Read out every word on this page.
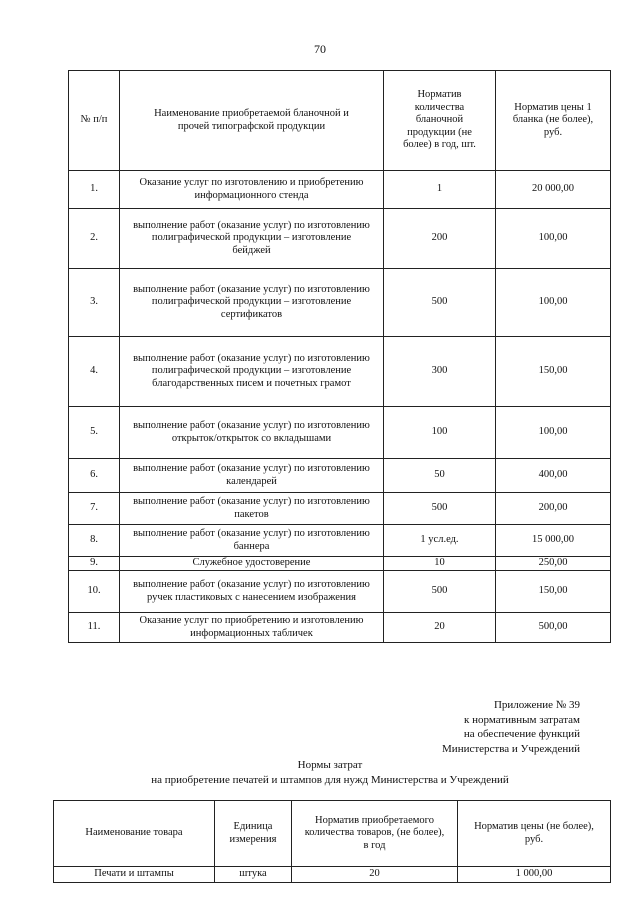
70
№ п/п	Наименование приобретаемой бланочной и прочей типографской продукции	Норматив количества бланочной продукции (не более) в год, шт.	Норматив цены 1 бланка (не более), руб.
1.	Оказание услуг по изготовлению и приобретению информационного стенда	1	20 000,00
2.	выполнение работ (оказание услуг) по изготовлению полиграфической продукции – изготовление бейджей	200	100,00
3.	выполнение работ (оказание услуг) по изготовлению полиграфической продукции – изготовление сертификатов	500	100,00
4.	выполнение работ (оказание услуг) по изготовлению полиграфической продукции – изготовление благодарственных писем и почетных грамот	300	150,00
5.	выполнение работ (оказание услуг) по изготовлению открыток/открыток со вкладышами	100	100,00
6.	выполнение работ (оказание услуг) по изготовлению календарей	50	400,00
7.	выполнение работ (оказание услуг) по изготовлению пакетов	500	200,00
8.	выполнение работ (оказание услуг) по изготовлению баннера	1 усл.ед.	15 000,00
9.	Служебное удостоверение	10	250,00
10.	выполнение работ (оказание услуг) по изготовлению ручек пластиковых с нанесением изображения	500	150,00
11.	Оказание услуг по приобретению и изготовлению информационных табличек	20	500,00
Приложение № 39
к нормативным затратам
на обеспечение функций
Министерства и Учреждений
Нормы затрат
на приобретение печатей и штампов для нужд Министерства и Учреждений
Наименование товара	Единица измерения	Норматив приобретаемого количества товаров, (не более), в год	Норматив цены (не более), руб.
Печати и штампы	штука	20	1 000,00
